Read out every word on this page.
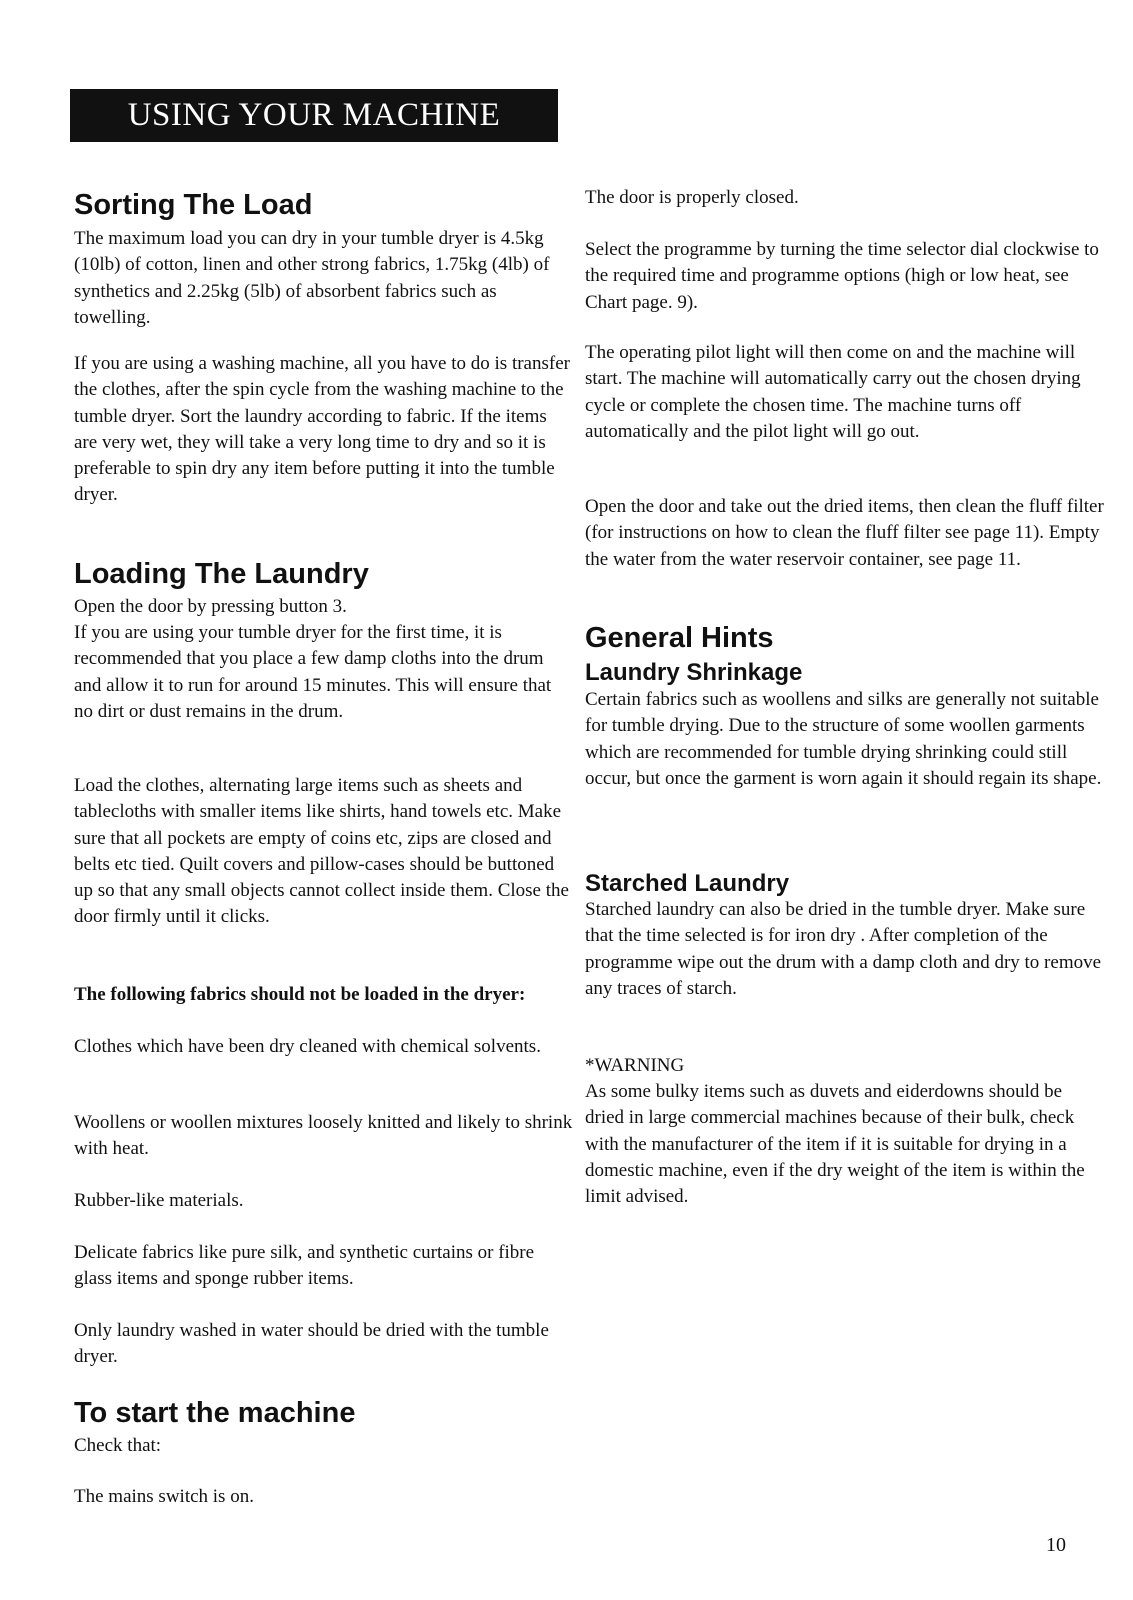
USING YOUR MACHINE
Sorting The Load

The maximum load you can dry in your tumble dryer is 4.5kg (10lb) of cotton, linen and other strong fabrics, 1.75kg (4lb) of synthetics and 2.25kg (5lb) of absorbent fabrics such as towelling.

If you are using a washing machine, all you have to do is transfer the clothes, after the spin cycle from the washing machine to the tumble dryer. Sort the laundry according to fabric. If the items are very wet, they will take a very long time to dry and so it is preferable to spin dry any item before putting it into the tumble dryer.

Loading The Laundry

Open the door by pressing button 3.

If you are using your tumble dryer for the first time, it is recommended that you place a few damp cloths into the drum and allow it to run for around 15 minutes. This will ensure that no dirt or dust remains in the drum.

Load the clothes, alternating large items such as sheets and tablecloths with smaller items like shirts, hand towels etc. Make sure that all pockets are empty of coins etc, zips are closed and belts etc tied. Quilt covers and pillow-cases should be buttoned up so that any small objects cannot collect inside them. Close the door firmly until it clicks.

The following fabrics should not be loaded in the dryer:

Clothes which have been dry cleaned with chemical solvents.

Woollens or woollen mixtures loosely knitted and likely to shrink with heat.

Rubber-like materials.

Delicate fabrics like pure silk, and synthetic curtains or fibre glass items and sponge rubber items.

Only laundry washed in water should be dried with the tumble dryer.

To start the machine

Check that:

The mains switch is on.

The door is properly closed.

Select the programme by turning the time selector dial clockwise to the required time and programme options (high or low heat, see Chart page. 9).

The operating pilot light will then come on and the machine will start. The machine will automatically carry out the chosen drying cycle or complete the chosen time. The machine turns off automatically and the pilot light will go out.

Open the door and take out the dried items, then clean the fluff filter (for instructions on how to clean the fluff filter see page 11). Empty the water from the water reservoir container, see page 11.

General Hints
Laundry Shrinkage

Certain fabrics such as woollens and silks are generally not suitable for tumble drying. Due to the structure of some woollen garments which are recommended for tumble drying shrinking could still occur, but once the garment is worn again it should regain its shape.

Starched Laundry

Starched laundry can also be dried in the tumble dryer. Make sure that the time selected is for iron dry . After completion of the programme wipe out the drum with a damp cloth and dry to remove any traces of starch.

*WARNING

As some bulky items such as duvets and eiderdowns should be dried in large commercial machines because of their bulk, check with the manufacturer of the item if it is suitable for drying in a domestic machine, even if the dry weight of the item is within the limit advised.

10
